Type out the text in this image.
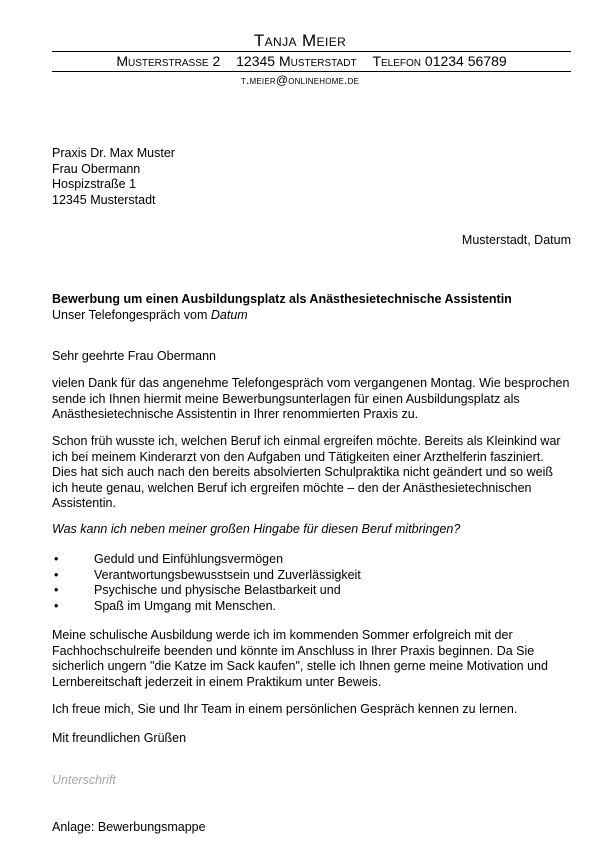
Tanja Meier
Musterstrasse 2 12345 Musterstadt Telefon 01234 56789
t.meier@onlinehome.de
Praxis Dr. Max Muster
Frau Obermann
Hospizstraße 1
12345 Musterstadt
Musterstadt, Datum
Bewerbung um einen Ausbildungsplatz als Anästhesietechnische Assistentin
Unser Telefongespräch vom Datum
Sehr geehrte Frau Obermann
vielen Dank für das angenehme Telefongespräch vom vergangenen Montag. Wie besprochen sende ich Ihnen hiermit meine Bewerbungsunterlagen für einen Ausbildungsplatz als Anästhesietechnische Assistentin in Ihrer renommierten Praxis zu.
Schon früh wusste ich, welchen Beruf ich einmal ergreifen möchte. Bereits als Kleinkind war ich bei meinem Kinderarzt von den Aufgaben und Tätigkeiten einer Arzthelferin fasziniert. Dies hat sich auch nach den bereits absolvierten Schulpraktika nicht geändert und so weiß ich heute genau, welchen Beruf ich ergreifen möchte – den der Anästhesietechnischen Assistentin.
Was kann ich neben meiner großen Hingabe für diesen Beruf mitbringen?
•	Geduld und Einfühlungsvermögen
•	Verantwortungsbewusstsein und Zuverlässigkeit
•	Psychische und physische Belastbarkeit und
•	Spaß im Umgang mit Menschen.
Meine schulische Ausbildung werde ich im kommenden Sommer erfolgreich mit der Fachhochschulreife beenden und könnte im Anschluss in Ihrer Praxis beginnen. Da Sie sicherlich ungern "die Katze im Sack kaufen", stelle ich Ihnen gerne meine Motivation und Lernbereitschaft jederzeit in einem Praktikum unter Beweis.
Ich freue mich, Sie und Ihr Team in einem persönlichen Gespräch kennen zu lernen.
Mit freundlichen Grüßen
Unterschrift
Anlage: Bewerbungsmappe
